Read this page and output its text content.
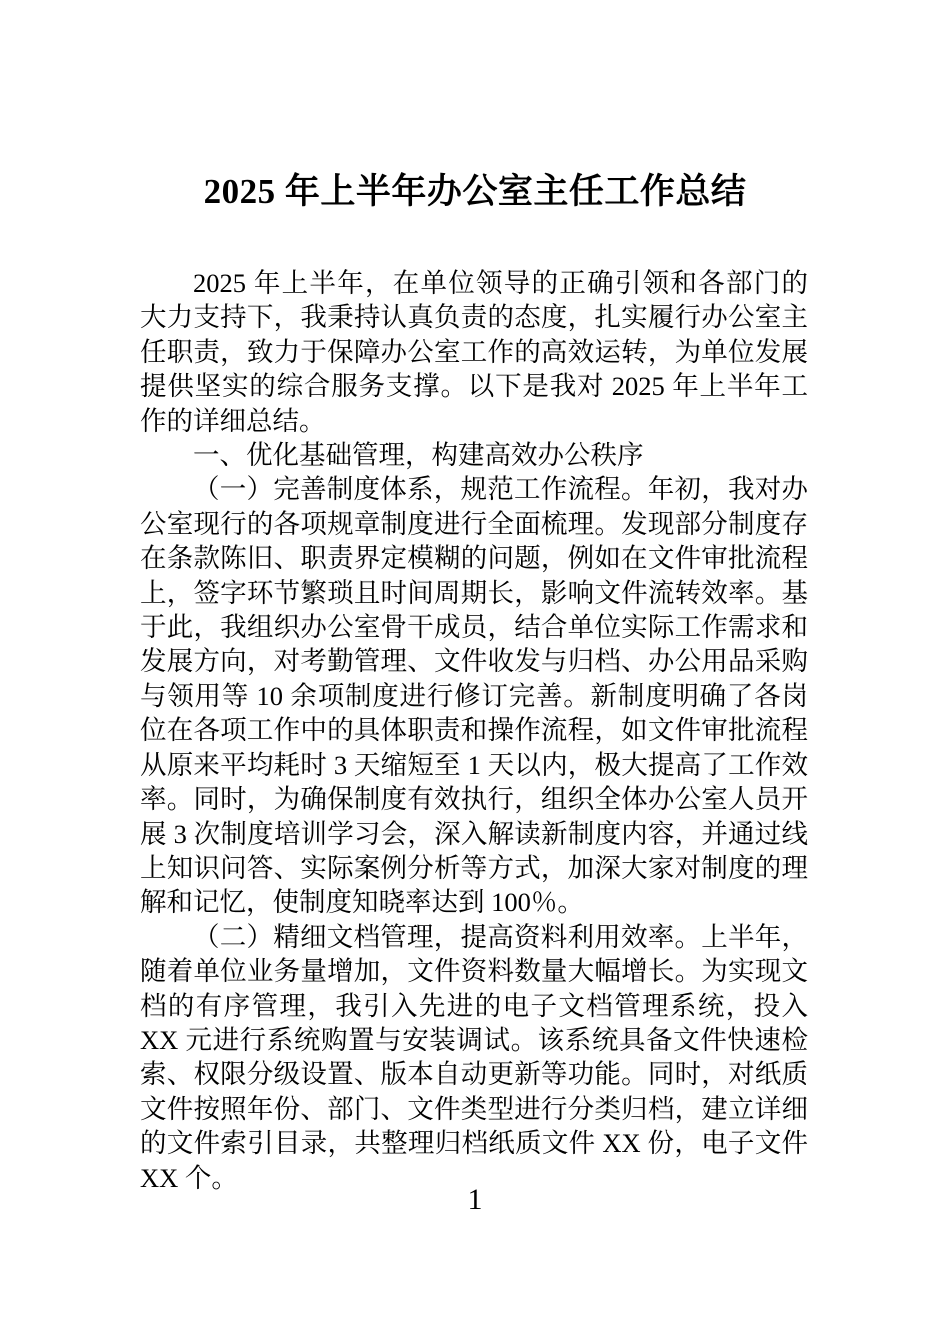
2025 年上半年办公室主任工作总结

2025 年上半年，在单位领导的正确引领和各部门的大力支持下，我秉持认真负责的态度，扎实履行办公室主任职责，致力于保障办公室工作的高效运转，为单位发展提供坚实的综合服务支撑。以下是我对 2025 年上半年工作的详细总结。

一、优化基础管理，构建高效办公秩序

（一）完善制度体系，规范工作流程。年初，我对办公室现行的各项规章制度进行全面梳理。发现部分制度存在条款陈旧、职责界定模糊的问题，例如在文件审批流程上，签字环节繁琐且时间周期长，影响文件流转效率。基于此，我组织办公室骨干成员，结合单位实际工作需求和发展方向，对考勤管理、文件收发与归档、办公用品采购与领用等 10 余项制度进行修订完善。新制度明确了各岗位在各项工作中的具体职责和操作流程，如文件审批流程从原来平均耗时 3 天缩短至 1 天以内，极大提高了工作效率。同时，为确保制度有效执行，组织全体办公室人员开展 3 次制度培训学习会，深入解读新制度内容，并通过线上知识问答、实际案例分析等方式，加深大家对制度的理解和记忆，使制度知晓率达到 100％。

（二）精细文档管理，提高资料利用效率。上半年，随着单位业务量增加，文件资料数量大幅增长。为实现文档的有序管理，我引入先进的电子文档管理系统，投入 XX 元进行系统购置与安装调试。该系统具备文件快速检索、权限分级设置、版本自动更新等功能。同时，对纸质文件按照年份、部门、文件类型进行分类归档，建立详细的文件索引目录，共整理归档纸质文件 XX 份，电子文件 XX 个。

1
